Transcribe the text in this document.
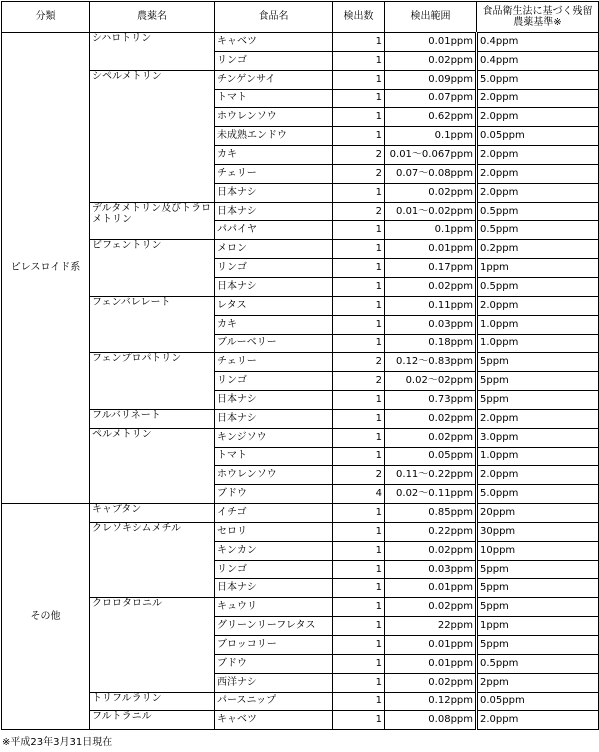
分類	農薬名	食品名	検出数	検出範囲	食品衛生法に基づく残留農薬基準※
ピレスロイド系	シハロトリン	キャベツ	1	0.01ppm	0.4ppm
		リンゴ	1	0.02ppm	0.4ppm
	シペルメトリン	チンゲンサイ	1	0.09ppm	5.0ppm
		トマト	1	0.07ppm	2.0ppm
		ホウレンソウ	1	0.62ppm	2.0ppm
		未成熟エンドウ	1	0.1ppm	0.05ppm
		カキ	2	0.01～0.067ppm	2.0ppm
		チェリー	2	0.07～0.08ppm	2.0ppm
		日本ナシ	1	0.02ppm	2.0ppm
	デルタメトリン及びトラロメトリン	日本ナシ	2	0.01～0.02ppm	0.5ppm
		パパイヤ	1	0.1ppm	0.5ppm
	ビフェントリン	メロン	1	0.01ppm	0.2ppm
		リンゴ	1	0.17ppm	1ppm
		日本ナシ	1	0.02ppm	0.5ppm
	フェンバレレート	レタス	1	0.11ppm	2.0ppm
		カキ	1	0.03ppm	1.0ppm
		ブルーベリー	1	0.18ppm	1.0ppm
	フェンプロパトリン	チェリー	2	0.12～0.83ppm	5ppm
		リンゴ	2	0.02～02ppm	5ppm
		日本ナシ	1	0.73ppm	5ppm
	フルバリネート	日本ナシ	1	0.02ppm	2.0ppm
	ペルメトリン	キンジソウ	1	0.02ppm	3.0ppm
		トマト	1	0.05ppm	1.0ppm
		ホウレンソウ	2	0.11～0.22ppm	2.0ppm
		ブドウ	4	0.02～0.11ppm	5.0ppm
その他	キャプタン	イチゴ	1	0.85ppm	20ppm
	クレソキシムメチル	セロリ	1	0.22ppm	30ppm
		キンカン	1	0.02ppm	10ppm
		リンゴ	1	0.03ppm	5ppm
		日本ナシ	1	0.01ppm	5ppm
	クロロタロニル	キュウリ	1	0.02ppm	5ppm
		グリーンリーフレタス	1	22ppm	1ppm
		ブロッコリー	1	0.01ppm	5ppm
		ブドウ	1	0.01ppm	0.5ppm
		西洋ナシ	1	0.02ppm	2ppm
	トリフルラリン	パースニップ	1	0.12ppm	0.05ppm
	フルトラニル	キャベツ	1	0.08ppm	2.0ppm
※平成23年3月31日現在
